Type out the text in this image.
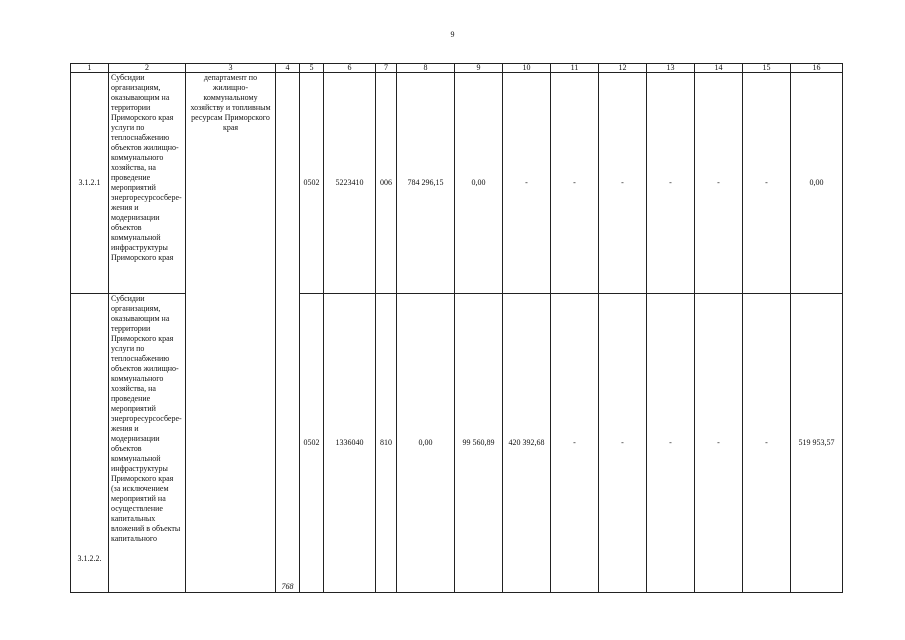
9
1	2	3	4	5	6	7	8	9	10	11	12	13	14	15	16
3.1.2.1	Субсидии организациям, оказывающим на территории Приморского края услуги по теплоснабжению объектов жилищно-коммунального хозяйства, на проведение мероприятий энергоресурсосбере-жения и модернизации объектов коммунальной инфраструктуры Приморского края	департамент по жилищно-коммунальному хозяйству и топливным ресурсам Приморского края	768	0502	5223410	006	784 296,15	0,00	-	-	-	-	-	-	0,00
3.1.2.2.	Субсидии организациям, оказывающим на территории Приморского края услуги по теплоснабжению объектов жилищно-коммунального хозяйства, на проведение мероприятий энергоресурсосбере-жения и модернизации объектов коммунальной инфраструктуры Приморского края (за исключением мероприятий на осуществление капитальных вложений в объекты капитального			0502	1336040	810	0,00	99 560,89	420 392,68	-	-	-	-	-	519 953,57
